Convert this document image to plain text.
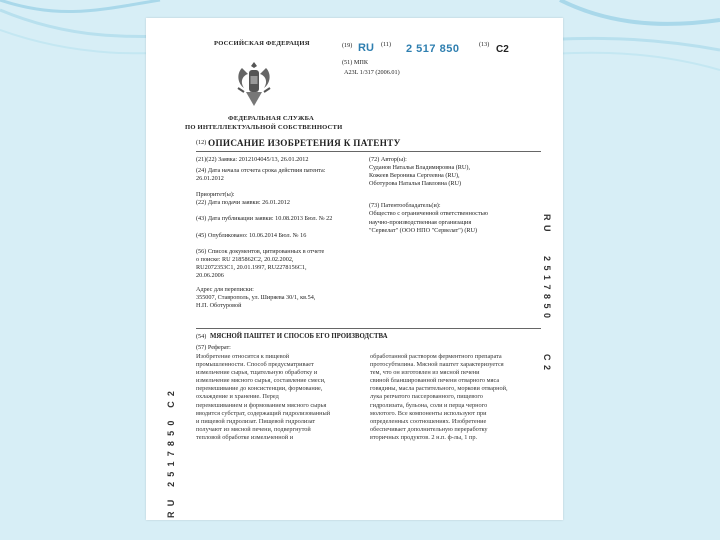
РОССИЙСКАЯ ФЕДЕРАЦИЯ
ФЕДЕРАЛЬНАЯ СЛУЖБА
ПО ИНТЕЛЛЕКТУАЛЬНОЙ СОБСТВЕННОСТИ
(19) RU (11) 2 517 850	(13) C2
(51) МПК
A23L 1/317 (2006.01)
(12) ОПИСАНИЕ ИЗОБРЕТЕНИЯ К ПАТЕНТУ
(21)(22) Заявка: 2012104045/13, 26.01.2012
(24) Дата начала отсчета срока действия патента:
26.01.2012
Приоритет(ы):
(22) Дата подачи заявки: 26.01.2012
(43) Дата публикации заявки: 10.08.2013 Бюл. № 22
(45) Опубликовано: 10.06.2014 Бюл. № 16
(56) Список документов, цитированных в отчете
о поиске: RU 2185862C2, 20.02.2002,
RU2072353C1, 20.01.1997, RU2278156C1,
20.06.2006
Адрес для переписки:
355007, Ставрополь, ул. Ширяева 30/1, кв.54,
Н.П. Оботуровой
(72) Автор(ы):
Суданов Наталья Владимировна (RU),
Кожеев Вероника Сергеевна (RU),
Оботурова Наталья Павловна (RU)
(73) Патентообладатель(и):
Общество с ограниченной ответственностью
научно-производственная организация
"Сервелат" (ООО НПО "Сервелат") (RU)
(54) МЯСНОЙ ПАШТЕТ И СПОСОБ ЕГО ПРОИЗВОДСТВА
(57) Реферат:
Изобретение относится к пищевой
промышленности. Способ предусматривает
измельчение сырья, тщательную обработку и
измельчение мясного сырья, составление смеси,
перемешивание до консистенции, формование,
охлаждение и хранение. Перед
перемешиванием и формованием мясного сырья
вводится субстрат, содержащий гидролизованный
и пищевой гидролизат. Пищевой гидролизат
получают из мясной печени, подвергнутой
тепловой обработке измельченной и
обработанной раствором ферментного препарата
протосубтилина. Мясной паштет характеризуется
тем, что он изготовлен из мясной печени
свиной бланшированной печени отварного мяса
говядины, масла растительного, моркови отварной,
лука репчатого пассерованного, пищевого
гидролизата, бульона, соли и перца черного
молотого. Все компоненты используют при
определенных соотношениях. Изобретение
обеспечивает дополнительную переработку
вторичных продуктов. 2 н.п. ф-лы, 1 пр.
RU
2517850
C2
RU 2517850 C2
